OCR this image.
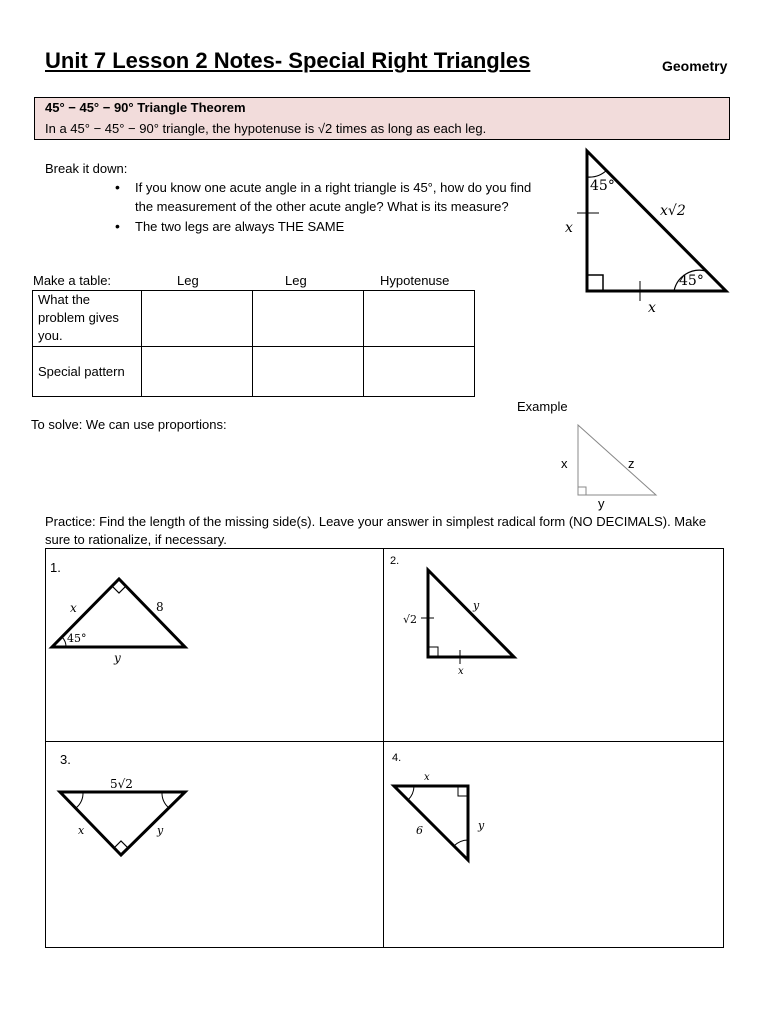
Unit 7 Lesson 2 Notes- Special Right Triangles	Geometry
45° − 45° − 90° Triangle Theorem
In a 45° − 45° − 90° triangle, the hypotenuse is √2 times as long as each leg.
Break it down:
• If you know one acute angle in a right triangle is 45°, how do you find the measurement of the other acute angle? What is its measure?
• The two legs are always THE SAME
45°
45°
x√2
x
x
Make a table:	Leg	Leg	Hypotenuse
What the problem gives you.			
Special pattern			
Example
x	z
y
To solve: We can use proportions:
Practice: Find the length of the missing side(s). Leave your answer in simplest radical form (NO DECIMALS). Make sure to rationalize, if necessary.
1.	2.
3.	4.
x	8
45°
y
√2
y
x
5√2
x	y
x
6	y
